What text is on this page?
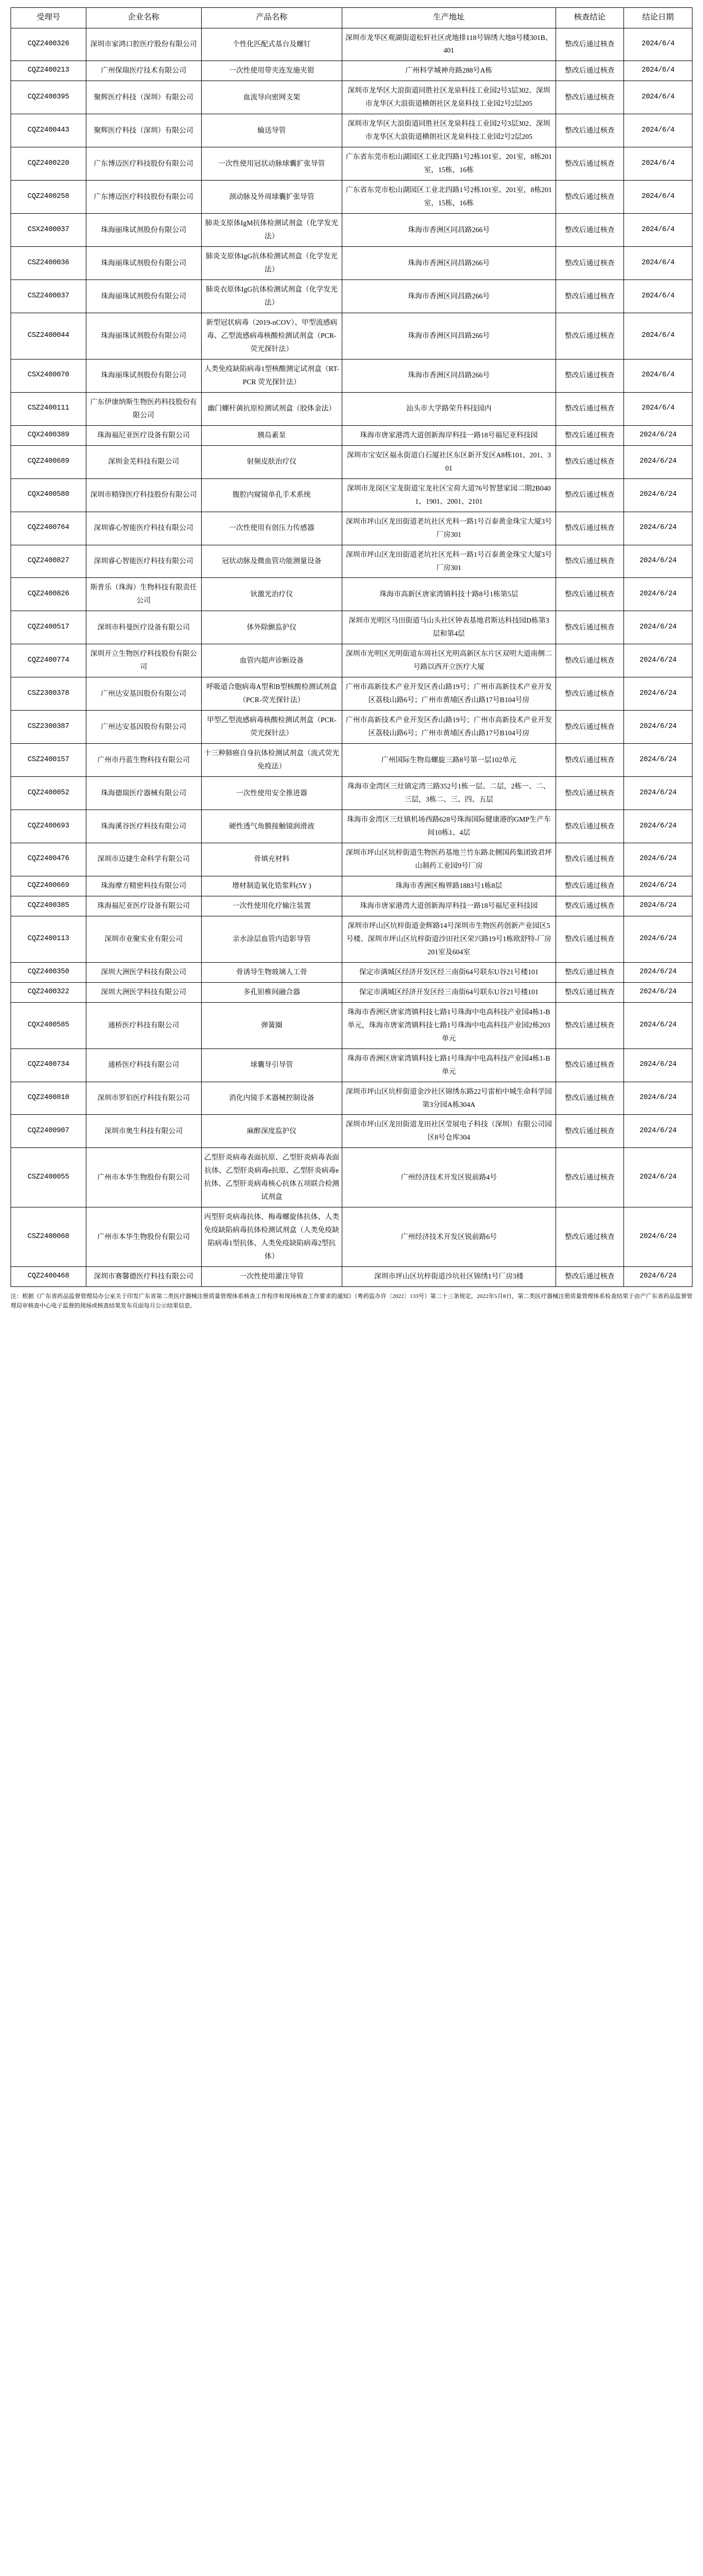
受理号	企业名称	产品名称	生产地址	核查结论	结论日期
CQZ2400326	深圳市家鸿口腔医疗股份有限公司	个性化匹配式基台及螺钉	深圳市龙华区观湖街道松轩社区虎地排118号锦绣大地8号楼301B、401	整改后通过核查	2024/6/4
CQZ2400213	广州保瑞医疗技术有限公司	一次性使用带夹连发施夹钳	广州科学城神舟路288号A栋	整改后通过核查	2024/6/4
CQZ2400395	聚辉医疗科技（深圳）有限公司	血流导向密网支架	深圳市龙华区大浪街道同胜社区龙泉科技工业园2号3层302、深圳市龙华区大浪街道横朗社区龙泉科技工业园2号2层205	整改后通过核查	2024/6/4
CQZ2400443	聚辉医疗科技（深圳）有限公司	输送导管	深圳市龙华区大浪街道同胜社区龙泉科技工业园2号3层302、深圳市龙华区大浪街道横朗社区龙泉科技工业园2号2层205	整改后通过核查	2024/6/4
CQZ2400220	广东博迈医疗科技股份有限公司	一次性使用冠状动脉球囊扩张导管	广东省东莞市松山湖园区工业北四路1号2栋101室、201室，8栋201室，15栋，16栋	整改后通过核查	2024/6/4
CQZ2400258	广东博迈医疗科技股份有限公司	颈动脉及外周球囊扩张导管	广东省东莞市松山湖园区工业北四路1号2栋101室、201室，8栋201室，15栋，16栋	整改后通过核查	2024/6/4
CSX2400037	珠海丽珠试剂股份有限公司	肺炎支原体IgM抗体检测试剂盒（化学发光法）	珠海市香洲区同昌路266号	整改后通过核查	2024/6/4
CSZ2400036	珠海丽珠试剂股份有限公司	肺炎支原体IgG抗体检测试剂盒（化学发光法）	珠海市香洲区同昌路266号	整改后通过核查	2024/6/4
CSZ2400037	珠海丽珠试剂股份有限公司	肺炎衣原体IgG抗体检测试剂盒（化学发光法）	珠海市香洲区同昌路266号	整改后通过核查	2024/6/4
CSZ2400044	珠海丽珠试剂股份有限公司	新型冠状病毒（2019-nCOV）、甲型流感病毒、乙型流感病毒核酸检测试剂盒（PCR-荧光探针法）	珠海市香洲区同昌路266号	整改后通过核查	2024/6/4
CSX2400070	珠海丽珠试剂股份有限公司	人类免疫缺陷病毒1型核酸测定试剂盒（RT-PCR 荧光探针法）	珠海市香洲区同昌路266号	整改后通过核查	2024/6/4
CSZ2400111	广东伊康纳斯生物医药科技股份有限公司	幽门螺杆菌抗原检测试剂盒（胶体金法）	汕头市大学路荣升科技园内	整改后通过核查	2024/6/4
CQX2400389	珠海福尼亚医疗设备有限公司	胰岛素泵	珠海市唐家港湾大道创新海岸科技一路18号福尼亚科技园	整改后通过核查	2024/6/24
CQZ2400689	深圳金芜科技有限公司	射频皮肤治疗仪	深圳市宝安区福永街道白石厦社区东区新开发区A8栋101、201、301	整改后通过核查	2024/6/24
CQX2400580	深圳市精锋医疗科技股份有限公司	腹腔内窥镜单孔手术系统	深圳市龙岗区宝龙街道宝龙社区宝荷大道76号智慧家园二期2B0401、1901、2001、2101	整改后通过核查	2024/6/24
CQZ2400764	深圳睿心智能医疗科技有限公司	一次性使用有创压力传感器	深圳市坪山区龙田街道老坑社区光科一路1号百泰黄金珠宝大厦3号厂房301	整改后通过核查	2024/6/24
CQZ2400827	深圳睿心智能医疗科技有限公司	冠状动脉及微血管功能测量设备	深圳市坪山区龙田街道老坑社区光科一路1号百泰黄金珠宝大厦3号厂房301	整改后通过核查	2024/6/24
CQZ2400826	斯普乐（珠海）生物科技有限责任公司	钬激光治疗仪	珠海市高新区唐家湾镇科技十路8号1栋第5层	整改后通过核查	2024/6/24
CQZ2400517	深圳市科曼医疗设备有限公司	体外除颤监护仪	深圳市光明区马田街道马山头社区钟表基地君斯达科技园D栋第3层和第4层	整改后通过核查	2024/6/24
CQZ2400774	深圳开立生物医疗科技股份有限公司	血管内超声诊断设备	深圳市光明区光明街道东周社区光明高新区东片区双明大道南侧二号路以西开立医疗大厦	整改后通过核查	2024/6/24
CSZ2300378	广州达安基因股份有限公司	呼吸道合胞病毒A型和B型核酸检测试剂盒（PCR-荧光探针法）	广州市高新技术产业开发区香山路19号；广州市高新技术产业开发区荔枝山路6号；广州市黄埔区香山路17号B104号房	整改后通过核查	2024/6/24
CSZ2300387	广州达安基因股份有限公司	甲型乙型流感病毒核酸检测试剂盒（PCR-荧光探针法）	广州市高新技术产业开发区香山路19号；广州市高新技术产业开发区荔枝山路6号；广州市黄埔区香山路17号B104号房	整改后通过核查	2024/6/24
CSZ2400157	广州市丹蓝生物科技有限公司	十三种肺癌自身抗体检测试剂盒（流式荧光免疫法）	广州国际生物岛螺旋三路8号第一层102单元	整改后通过核查	2024/6/24
CQZ2400052	珠海德瑞医疗器械有限公司	一次性使用安全推进器	珠海市金湾区三灶镇定湾三路352号1栋一层、二层，2栋一、二、三层，3栋二、三、四、五层	整改后通过核查	2024/6/24
CQZ2400693	珠海溪谷医疗科技有限公司	硬性透气角膜接触镜润滑液	珠海市金湾区三灶镇机场西路628号珠海国际健康港的GMP生产车间10栋1、4层	整改后通过核查	2024/6/24
CQZ2400476	深圳市迈捷生命科学有限公司	骨填充材料	深圳市坪山区坑梓街道生物医药基地兰竹东路北侧国药集团致君坪山制药工业园9号厂房	整改后通过核查	2024/6/24
CQZ2400669	珠海摩方精密科技有限公司	增材制造氧化锆浆料(5Y )	珠海市香洲区梅界路1883号1栋8层	整改后通过核查	2024/6/24
CQZ2400385	珠海福尼亚医疗设备有限公司	一次性使用化疗输注装置	珠海市唐家港湾大道创新海岸科技一路18号福尼亚科技园	整改后通过核查	2024/6/24
CQZ2400113	深圳市业聚实业有限公司	亲水涂层血管内造影导管	深圳市坪山区坑梓街道金辉路14号深圳市生物医药创新产业园区5号楼、深圳市坪山区坑梓街道沙田社区荣兴路19号1栋欧舒特-厂房201室及604室	整改后通过核查	2024/6/24
CQZ2400350	深圳大洲医学科技有限公司	骨诱导生物玻璃人工骨	保定市满城区经济开发区经三南街64号联东U谷21号楼101	整改后通过核查	2024/6/24
CQZ2400322	深圳大洲医学科技有限公司	多孔钽椎间融合器	保定市满城区经济开发区经三南街64号联东U谷21号楼101	整改后通过核查	2024/6/24
CQX2400585	通桥医疗科技有限公司	弹簧圈	珠海市香洲区唐家湾镇科技七路1号珠海中电高科技产业园4栋1-B单元，珠海市唐家湾镇科技七路1号珠海中电高科技产业园2栋203单元	整改后通过核查	2024/6/24
CQZ2400734	通桥医疗科技有限公司	球囊导引导管	珠海市香洲区唐家湾镇科技七路1号珠海中电高科技产业园4栋1-B单元	整改后通过核查	2024/6/24
CQZ2400810	深圳市罗伯医疗科技有限公司	消化内镜手术器械控制设备	深圳市坪山区坑梓街道金沙社区锦绣东路22号雷柏中城生命科学园第3分园A栋304A	整改后通过核查	2024/6/24
CQZ2400907	深圳市奥生科技有限公司	麻醉深度监护仪	深圳市坪山区龙田街道龙田社区莹展电子科技（深圳）有限公司园区8号仓库304	整改后通过核查	2024/6/24
CSZ2400055	广州市本华生物股份有限公司	乙型肝炎病毒表面抗原、乙型肝炎病毒表面抗体、乙型肝炎病毒e抗原、乙型肝炎病毒e抗体、乙型肝炎病毒核心抗体五项联合检测试剂盒	广州经济技术开发区锐前路4号	整改后通过核查	2024/6/24
CSZ2400060	广州市本华生物股份有限公司	丙型肝炎病毒抗体、梅毒螺旋体抗体、人类免疫缺陷病毒抗体检测试剂盒（人类免疫缺陷病毒1型抗体、人类免疫缺陷病毒2型抗体）	广州经济技术开发区锐前路6号	整改后通过核查	2024/6/24
CQZ2400468	深圳市赛馨德医疗科技有限公司	一次性使用灌注导管	深圳市坪山区坑梓街道沙坑社区锦绣1号厂房3楼	整改后通过核查	2024/6/24
注：根据《广东省药品监督管理局办公室关于印发广东省第二类医疗器械注册质量管理体系核查工作程序和现场核查工作要求的通知》（粤药监办许〔2022〕133号）第二十三条规定，2022年5月8日，第二类医疗器械注册质量管理体系检查结果于由产广东省药品监督管理局审核查中心电子监督的现场或核查结果发布页面每月公示结果信息。
